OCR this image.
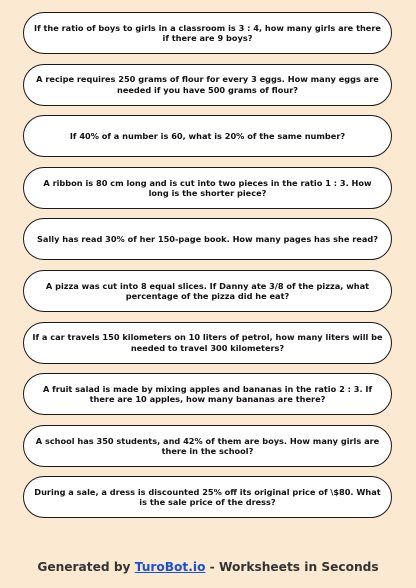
If the ratio of boys to girls in a classroom is 3 : 4, how many girls are there if there are 9 boys?
A recipe requires 250 grams of flour for every 3 eggs. How many eggs are needed if you have 500 grams of flour?
If 40% of a number is 60, what is 20% of the same number?
A ribbon is 80 cm long and is cut into two pieces in the ratio 1 : 3. How long is the shorter piece?
Sally has read 30% of her 150-page book. How many pages has she read?
A pizza was cut into 8 equal slices. If Danny ate 3/8 of the pizza, what percentage of the pizza did he eat?
If a car travels 150 kilometers on 10 liters of petrol, how many liters will be needed to travel 300 kilometers?
A fruit salad is made by mixing apples and bananas in the ratio 2 : 3. If there are 10 apples, how many bananas are there?
A school has 350 students, and 42% of them are boys. How many girls are there in the school?
During a sale, a dress is discounted 25% off its original price of \$80. What is the sale price of the dress?
Generated by TuroBot.io - Worksheets in Seconds
